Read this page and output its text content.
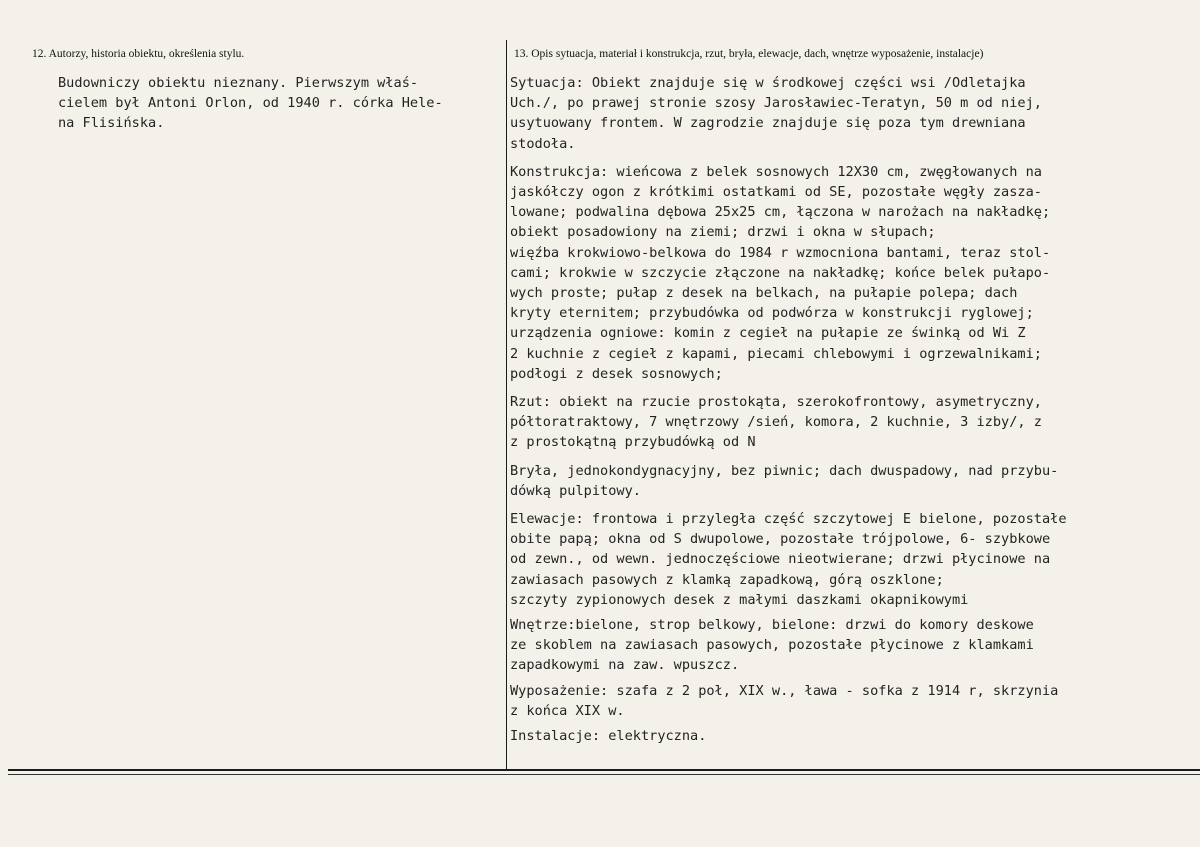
12. Autorzy, historia obiektu, określenia stylu.	13. Opis sytuacja, materiał i konstrukcja, rzut, bryła, elewacje, dach, wnętrze wyposażenie, instalacje)
Budowniczy obiektu nieznany. Pierwszym właś-
cielem był Antoni Orlon, od 1940 r. córka Hele-
na Flisińska.
Sytuacja: Obiekt znajduje się w środkowej części wsi /Odletajka
Uch./, po prawej stronie szosy Jarosławiec-Teratyn, 50 m od niej,
usytuowany frontem. W zagrodzie znajduje się poza tym drewniana
stodoła.
Konstrukcja: wieńcowa z belek sosnowych 12X30 cm, zwęgłowanych na
jaskółczy ogon z krótkimi ostatkami od SE, pozostałe węgły zasza-
lowane; podwalina dębowa 25x25 cm, łączona w narożach na nakładkę;
obiekt posadowiony na ziemi; drzwi i okna w słupach;
więźba krokwiowo-belkowa do 1984 r wzmocniona bantami, teraz stol-
cami; krokwie w szczycie złączone na nakładkę; końce belek pułapo-
wych proste; pułap z desek na belkach, na pułapie polepa; dach
kryty eternitem; przybudówka od podwórza w konstrukcji ryglowej;
urządzenia ogniowe: komin z cegieł na pułapie ze świnką od Wi Z
2 kuchnie z cegieł z kapami, piecami chlebowymi i ogrzewalnikami;
podłogi z desek sosnowych;
Rzut: obiekt na rzucie prostokąta, szerokofrontowy, asymetryczny,
półtoratraktowy, 7 wnętrzowy /sień, komora, 2 kuchnie, 3 izby/, z
z prostokątną przybudówką od N
Bryła, jednokondygnacyjny, bez piwnic; dach dwuspadowy, nad przybu-
dówką pulpitowy.
Elewacje: frontowa i przyległa część szczytowej E bielone, pozostałe
obite papą; okna od S dwupolowe, pozostałe trójpolowe, 6- szybkowe
od zewn., od wewn. jednoczęściowe nieotwierane; drzwi płycinowe na
zawiasach pasowych z klamką zapadkową, górą oszklone;
szczyty zypionowych desek z małymi daszkami okapnikowymi
Wnętrze:bielone, strop belkowy, bielone: drzwi do komory deskowe
ze skoblem na zawiasach pasowych, pozostałe płycinowe z klamkami
zapadkowymi na zaw. wpuszcz.
Wyposażenie: szafa z 2 poł, XIX w., ława - sofka z 1914 r, skrzynia
z końca XIX w.
Instalacje: elektryczna.
